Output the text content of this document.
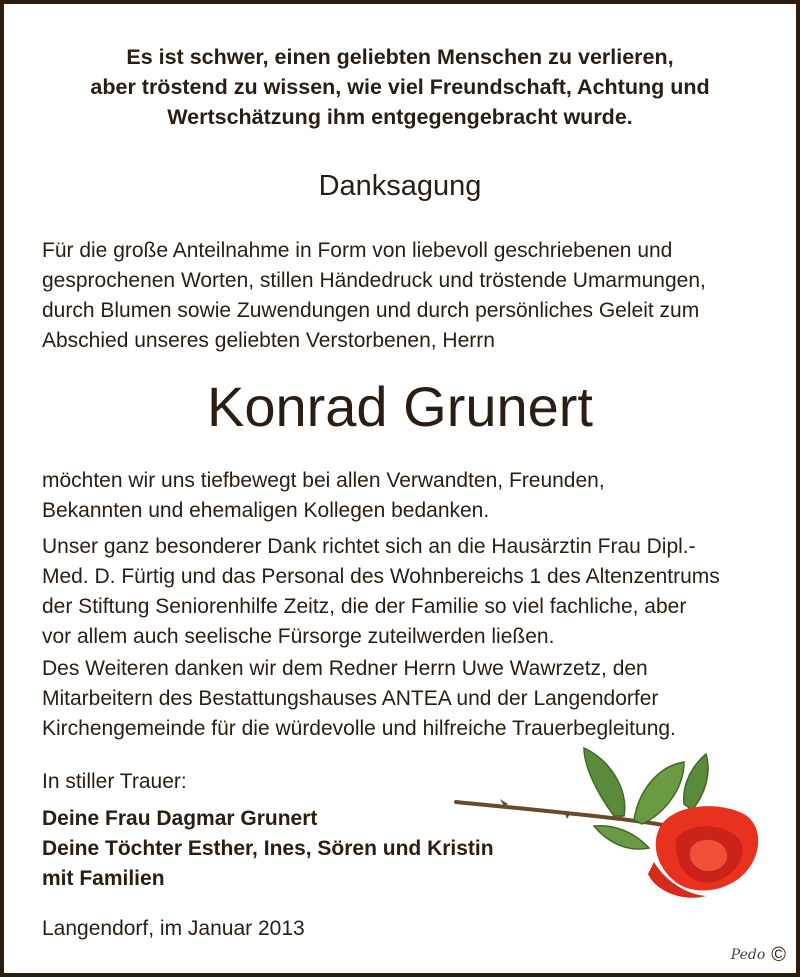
Es ist schwer, einen geliebten Menschen zu verlieren,
aber tröstend zu wissen, wie viel Freundschaft, Achtung und
Wertschätzung ihm entgegengebracht wurde.
Danksagung
Für die große Anteilnahme in Form von liebevoll geschriebenen und
gesprochenen Worten, stillen Händedruck und tröstende Umarmungen,
durch Blumen sowie Zuwendungen und durch persönliches Geleit zum
Abschied unseres geliebten Verstorbenen, Herrn
Konrad Grunert
möchten wir uns tiefbewegt bei allen Verwandten, Freunden,
Bekannten und ehemaligen Kollegen bedanken.
Unser ganz besonderer Dank richtet sich an die Hausärztin Frau Dipl.-
Med. D. Fürtig und das Personal des Wohnbereichs 1 des Altenzentrums
der Stiftung Seniorenhilfe Zeitz, die der Familie so viel fachliche, aber
vor allem auch seelische Fürsorge zuteilwerden ließen.
Des Weiteren danken wir dem Redner Herrn Uwe Wawrzetz, den
Mitarbeitern des Bestattungshauses ANTEA und der Langendorfer
Kirchengemeinde für die würdevolle und hilfreiche Trauerbegleitung.
In stiller Trauer:
Deine Frau Dagmar Grunert
Deine Töchter Esther, Ines, Sören und Kristin
mit Familien
Langendorf, im Januar 2013
Pedo ©
